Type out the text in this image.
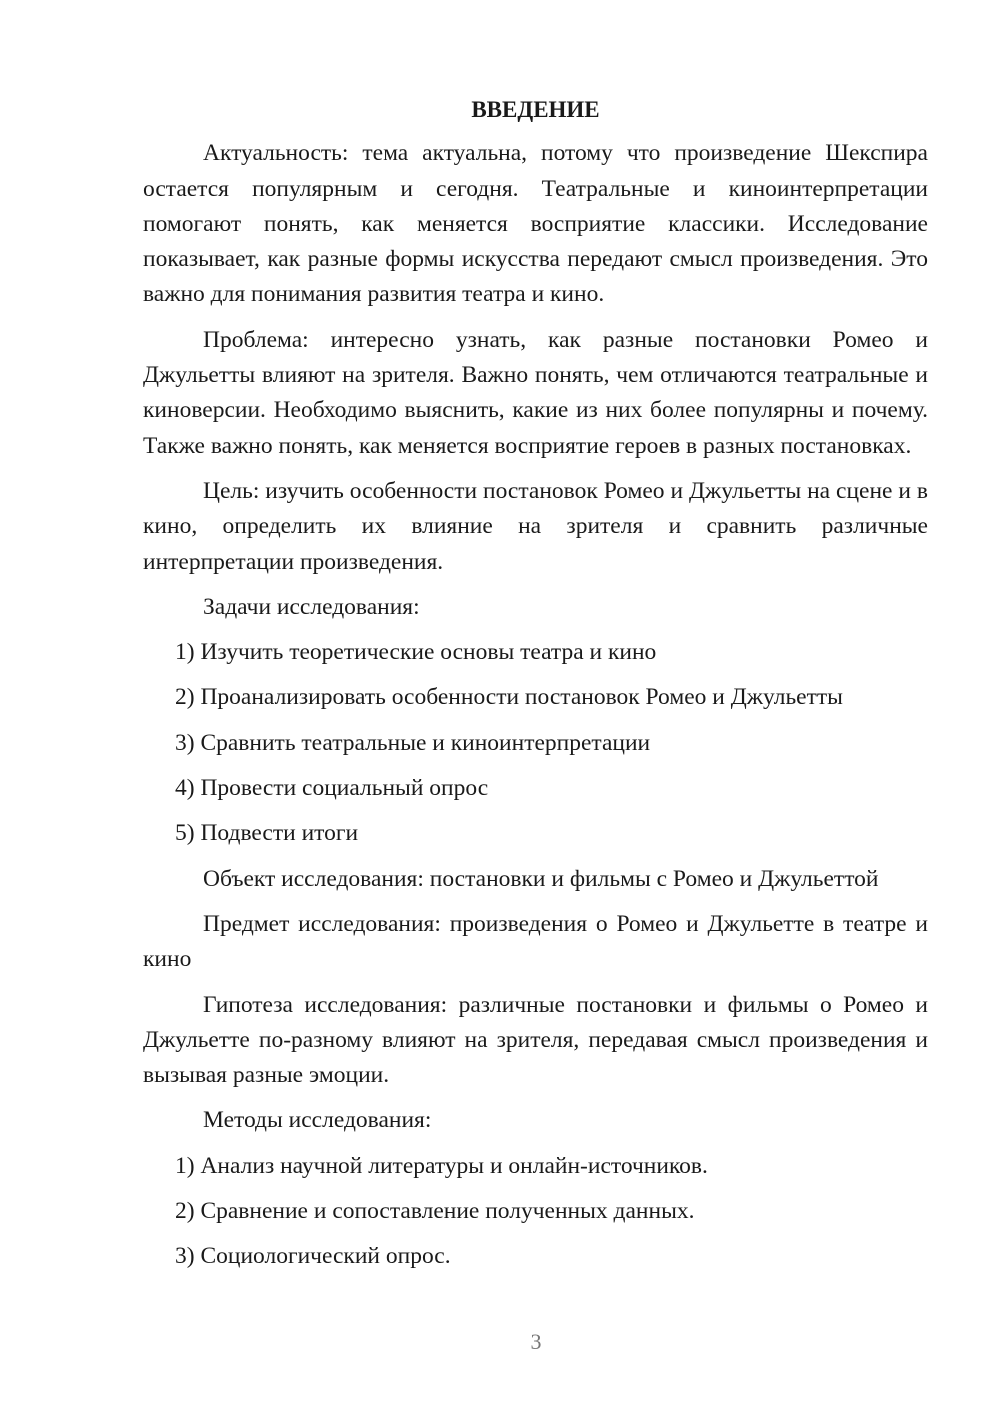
ВВЕДЕНИЕ

Актуальность: тема актуальна, потому что произведение Шекспира остается популярным и сегодня. Театральные и киноинтерпретации помогают понять, как меняется восприятие классики. Исследование показывает, как разные формы искусства передают смысл произведения. Это важно для понимания развития театра и кино.

Проблема: интересно узнать, как разные постановки Ромео и Джульетты влияют на зрителя. Важно понять, чем отличаются театральные и киноверсии. Необходимо выяснить, какие из них более популярны и почему. Также важно понять, как меняется восприятие героев в разных постановках.

Цель: изучить особенности постановок Ромео и Джульетты на сцене и в кино, определить их влияние на зрителя и сравнить различные интерпретации произведения.

Задачи исследования:

1) Изучить теоретические основы театра и кино
2) Проанализировать особенности постановок Ромео и Джульетты
3) Сравнить театральные и киноинтерпретации
4) Провести социальный опрос
5) Подвести итоги

Объект исследования: постановки и фильмы с Ромео и Джульеттой

Предмет исследования: произведения о Ромео и Джульетте в театре и кино

Гипотеза исследования: различные постановки и фильмы о Ромео и Джульетте по-разному влияют на зрителя, передавая смысл произведения и вызывая разные эмоции.

Методы исследования:

1) Анализ научной литературы и онлайн-источников.
2) Сравнение и сопоставление полученных данных.
3) Социологический опрос.
3
